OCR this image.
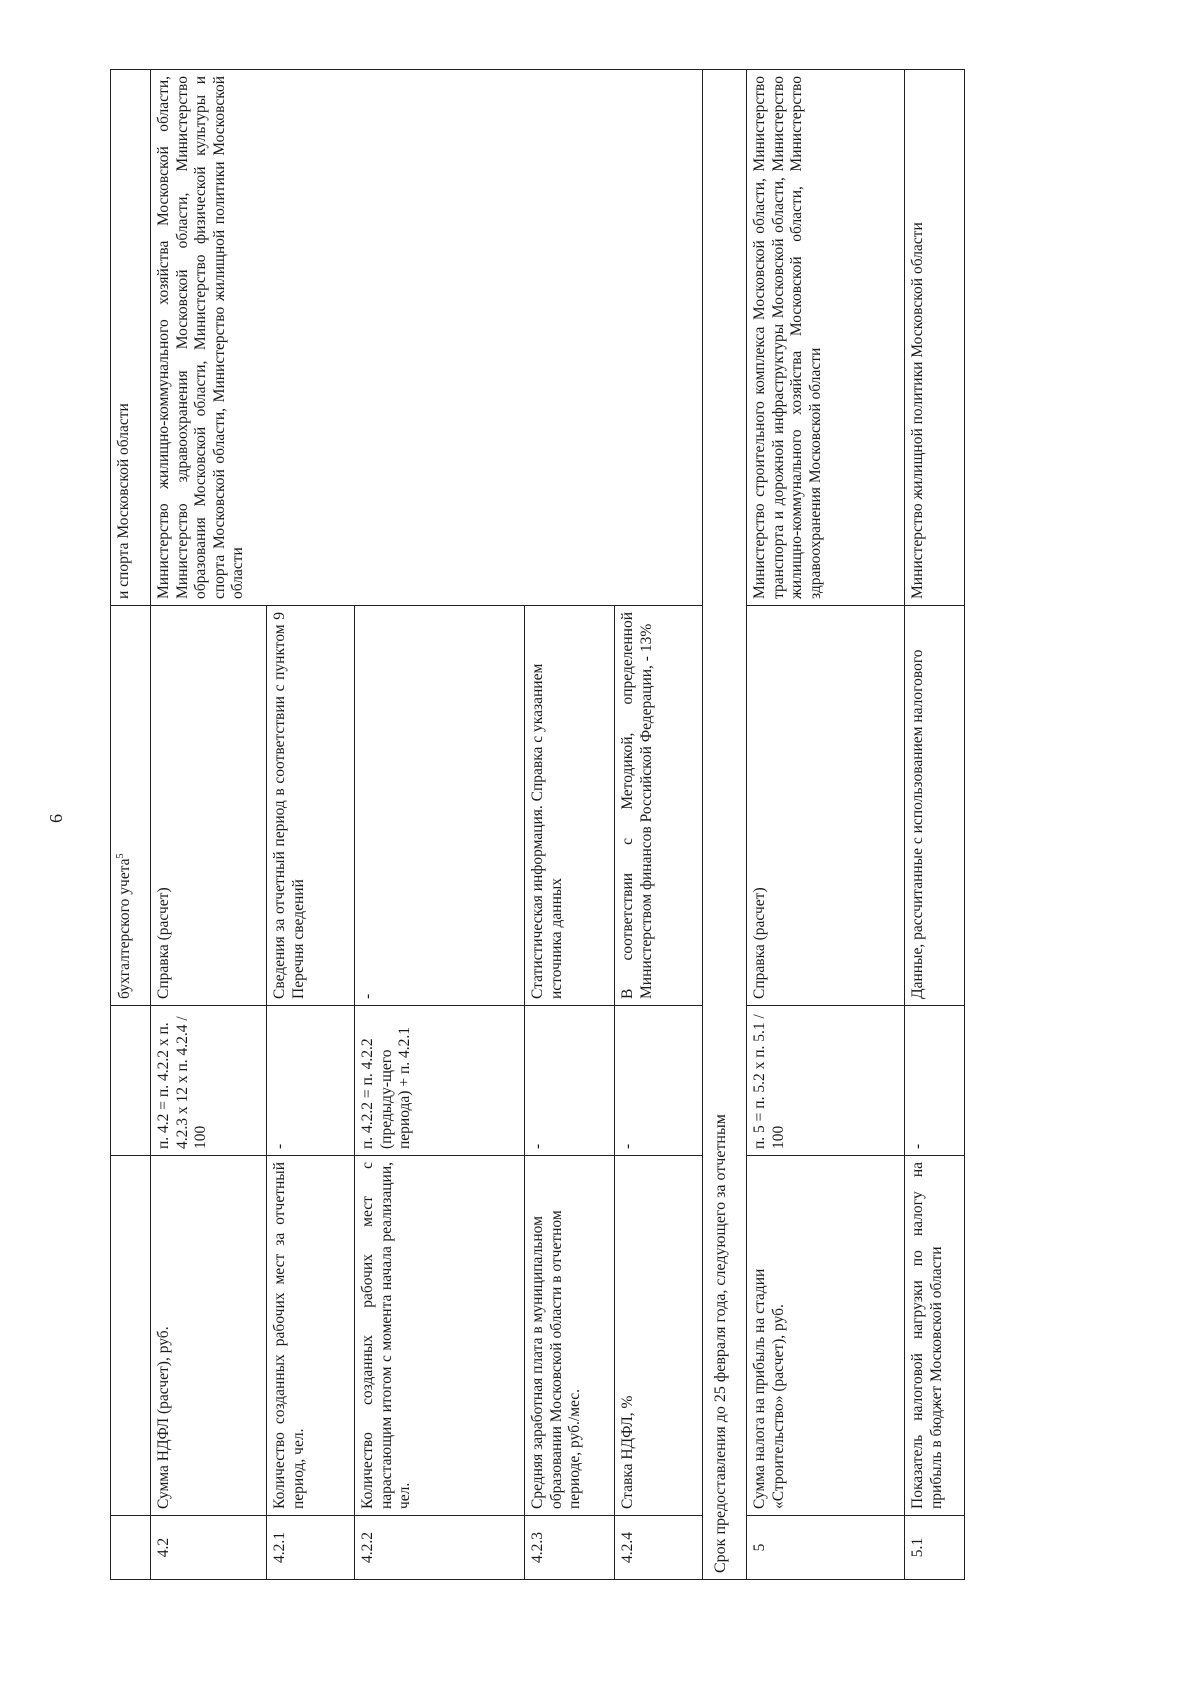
6
			бухгалтерского учета$^5$	и спорта Московской области
4.2	Сумма НДФЛ (расчет), руб.	п. 4.2 = п. 4.2.2 х п. 4.2.3 х 12 х п. 4.2.4 / 100	Справка (расчет)	Министерство жилищно-коммунального хозяйства Московской области, Министерство здравоохранения Московской области, Министерство образования Московской области, Министерство физической культуры и спорта Московской области, Министерство жилищной политики Московской области
4.2.1	Количество созданных рабочих мест за отчетный период, чел.	-	Сведения за отчетный период в соответствии с пунктом 9 Перечня сведений	
4.2.2	Количество созданных рабочих мест с нарастающим итогом с момента начала реализации, чел.	п. 4.2.2 = п. 4.2.2 (предыду-щего периода) + п. 4.2.1	-	
4.2.3	Средняя заработная плата в муниципальном образовании Московской области в отчетном периоде, руб./мес.	-	Статистическая информация. Справка с указанием источника данных	
4.2.4	Ставка НДФЛ, %	-	В соответствии с Методикой, определенной Министерством финансов Российской Федерации, - 13%	
Срок предоставления до 25 февраля года, следующего за отчетным				
5	Сумма налога на прибыль на стадии «Строительство» (расчет), руб.	п. 5 = п. 5.2 х п. 5.1 / 100	Справка (расчет)	Министерство строительного комплекса Московской области, Министерство транспорта и дорожной инфраструктуры Московской области, Министерство жилищно-коммунального хозяйства Московской области, Министерство здравоохранения Московской области
5.1	Показатель налоговой нагрузки по налогу на прибыль в бюджет Московской области	-	Данные, рассчитанные с использованием налогового	Министерство жилищной политики Московской области
